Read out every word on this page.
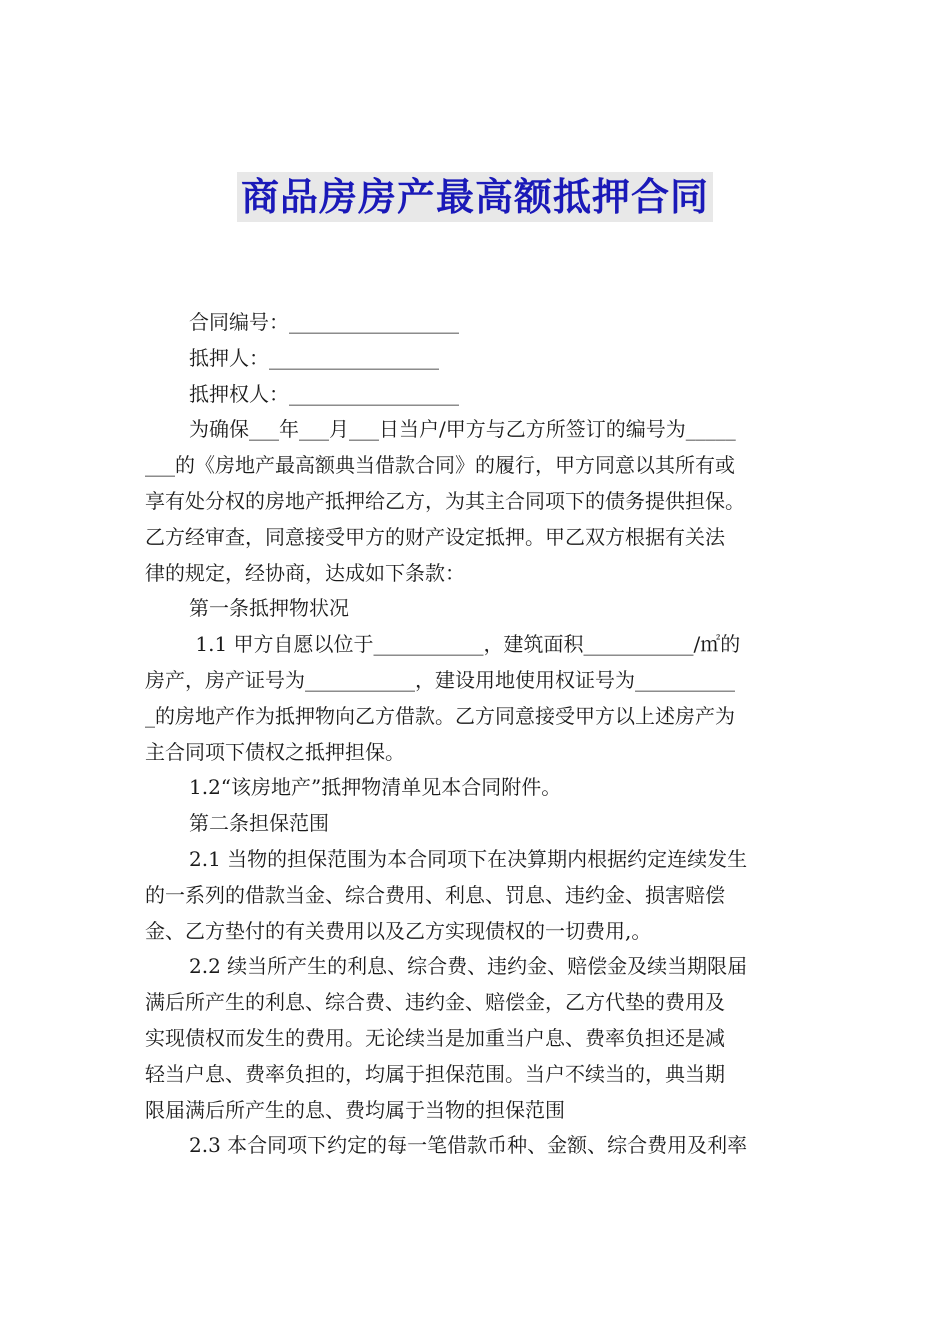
商品房房产最高额抵押合同
合同编号：_________________
抵押人：_________________
抵押权人：_________________
为确保___年___月___日当户/甲方与乙方所签订的编号为_____
___的《房地产最高额典当借款合同》的履行，甲方同意以其所有或
享有处分权的房地产抵押给乙方，为其主合同项下的债务提供担保。
乙方经审查，同意接受甲方的财产设定抵押。甲乙双方根据有关法
律的规定，经协商，达成如下条款：
第一条抵押物状况
1.1 甲方自愿以位于___________，建筑面积___________/㎡的
房产，房产证号为___________，建设用地使用权证号为__________
_的房地产作为抵押物向乙方借款。乙方同意接受甲方以上述房产为
主合同项下债权之抵押担保。
1.2“该房地产”抵押物清单见本合同附件。
第二条担保范围
2.1 当物的担保范围为本合同项下在决算期内根据约定连续发生
的一系列的借款当金、综合费用、利息、罚息、违约金、损害赔偿
金、乙方垫付的有关费用以及乙方实现债权的一切费用,。
2.2 续当所产生的利息、综合费、违约金、赔偿金及续当期限届
满后所产生的利息、综合费、违约金、赔偿金，乙方代垫的费用及
实现债权而发生的费用。无论续当是加重当户息、费率负担还是减
轻当户息、费率负担的，均属于担保范围。当户不续当的，典当期
限届满后所产生的息、费均属于当物的担保范围
2.3 本合同项下约定的每一笔借款币种、金额、综合费用及利率
